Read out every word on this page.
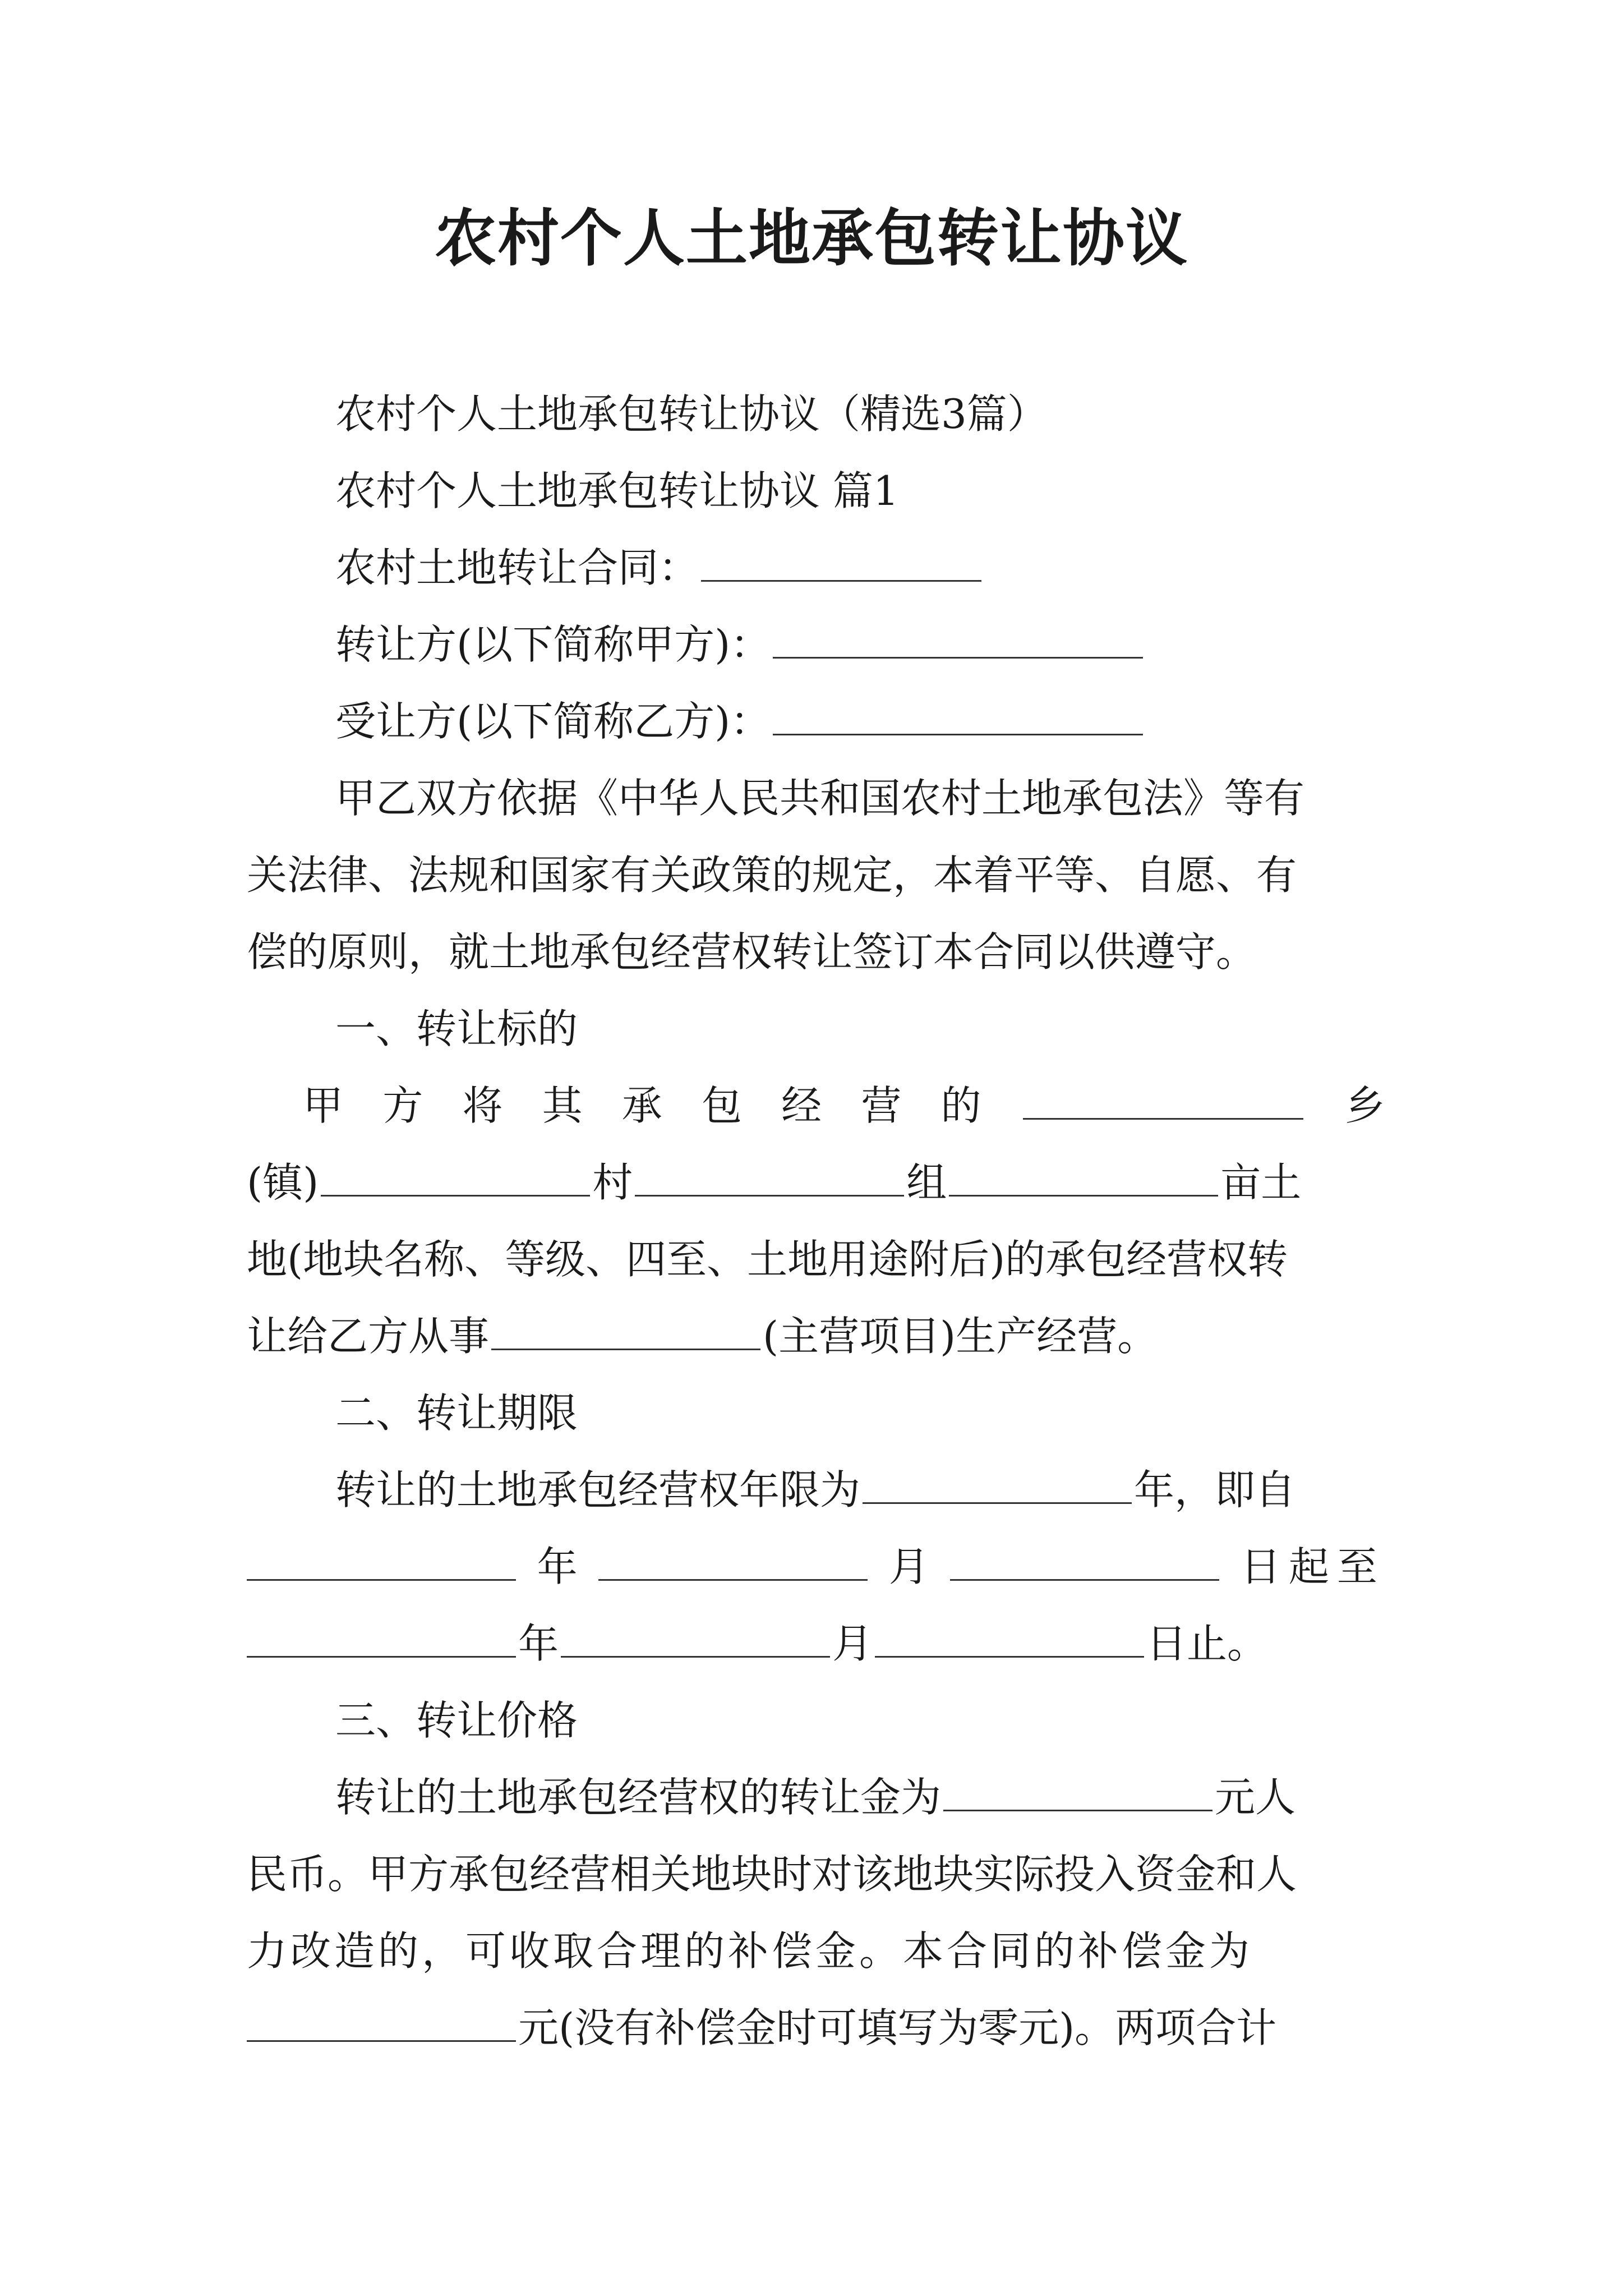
农村个人土地承包转让协议

农村个人土地承包转让协议（精选3篇）

农村个人土地承包转让协议 篇1

农村土地转让合同：

转让方(以下简称甲方)：

受让方(以下简称乙方)：

甲乙双方依据《中华人民共和国农村土地承包法》等有

关法律、法规和国家有关政策的规定，本着平等、自愿、有

偿的原则，就土地承包经营权转让签订本合同以供遵守。

一、转让标的

甲 方 将 其 承 包 经 营 的	乡

(镇)	村	组	亩土

地(地块名称、等级、四至、土地用途附后)的承包经营权转

让给乙方从事	(主营项目)生产经营。

二、转让期限

转让的土地承包经营权年限为	年，即自

年	月	日起至

年	月	日止。

三、转让价格

转让的土地承包经营权的转让金为	元人

民币。甲方承包经营相关地块时对该地块实际投入资金和人

力改造的，可收取合理的补偿金。本合同的补偿金为

元(没有补偿金时可填写为零元)。两项合计
